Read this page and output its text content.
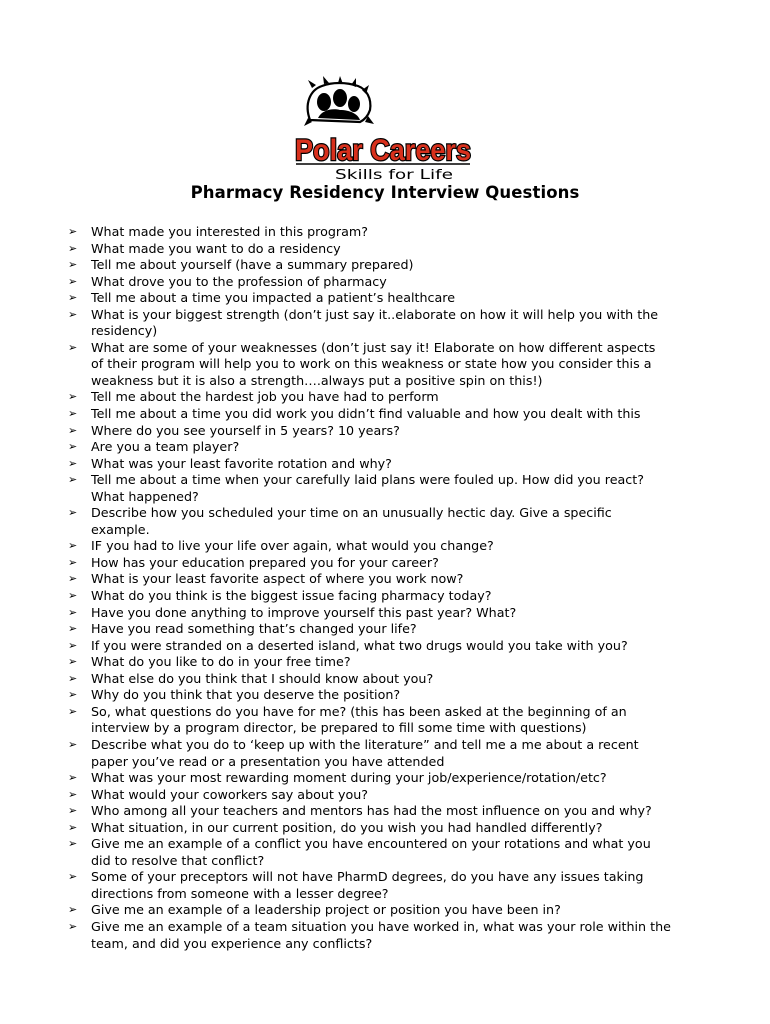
Polar Careers
Skills for Life
Pharmacy Residency Interview Questions
➢ What made you interested in this program?
➢ What made you want to do a residency
➢ Tell me about yourself (have a summary prepared)
➢ What drove you to the profession of pharmacy
➢ Tell me about a time you impacted a patient’s healthcare
➢ What is your biggest strength (don’t just say it..elaborate on how it will help you with the
residency)
➢ What are some of your weaknesses (don’t just say it! Elaborate on how different aspects
of their program will help you to work on this weakness or state how you consider this a
weakness but it is also a strength….always put a positive spin on this!)
➢ Tell me about the hardest job you have had to perform
➢ Tell me about a time you did work you didn’t find valuable and how you dealt with this
➢ Where do you see yourself in 5 years? 10 years?
➢ Are you a team player?
➢ What was your least favorite rotation and why?
➢ Tell me about a time when your carefully laid plans were fouled up. How did you react?
What happened?
➢ Describe how you scheduled your time on an unusually hectic day. Give a specific
example.
➢ IF you had to live your life over again, what would you change?
➢ How has your education prepared you for your career?
➢ What is your least favorite aspect of where you work now?
➢ What do you think is the biggest issue facing pharmacy today?
➢ Have you done anything to improve yourself this past year? What?
➢ Have you read something that’s changed your life?
➢ If you were stranded on a deserted island, what two drugs would you take with you?
➢ What do you like to do in your free time?
➢ What else do you think that I should know about you?
➢ Why do you think that you deserve the position?
➢ So, what questions do you have for me? (this has been asked at the beginning of an
interview by a program director, be prepared to fill some time with questions)
➢ Describe what you do to ‘keep up with the literature” and tell me a me about a recent
paper you’ve read or a presentation you have attended
➢ What was your most rewarding moment during your job/experience/rotation/etc?
➢ What would your coworkers say about you?
➢ Who among all your teachers and mentors has had the most influence on you and why?
➢ What situation, in our current position, do you wish you had handled differently?
➢ Give me an example of a conflict you have encountered on your rotations and what you
did to resolve that conflict?
➢ Some of your preceptors will not have PharmD degrees, do you have any issues taking
directions from someone with a lesser degree?
➢ Give me an example of a leadership project or position you have been in?
➢ Give me an example of a team situation you have worked in, what was your role within the
team, and did you experience any conflicts?
